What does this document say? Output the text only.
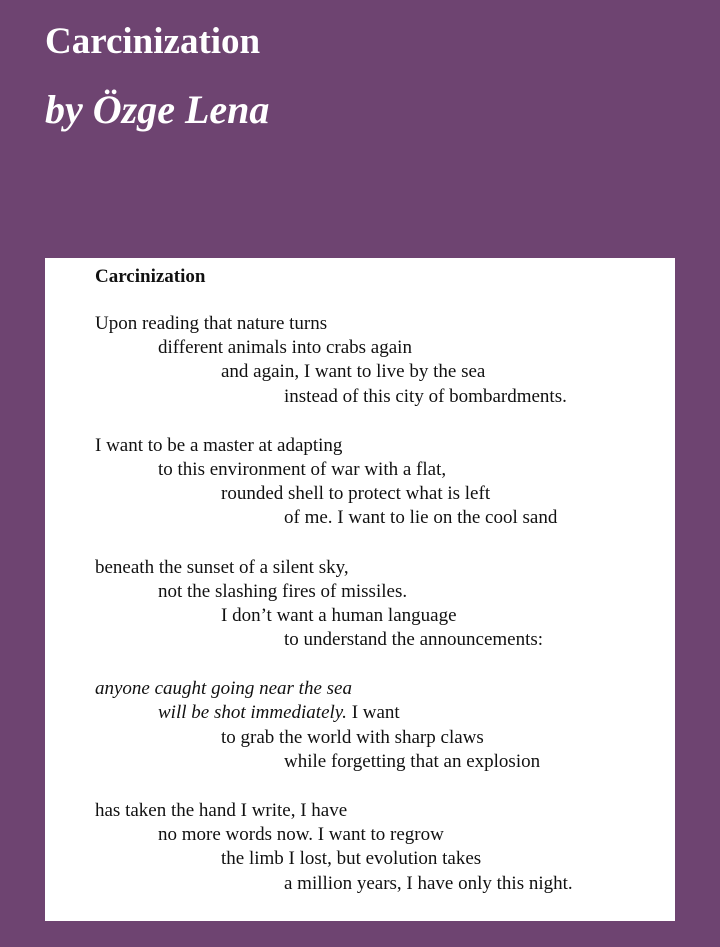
Carcinization
by Özge Lena
Carcinization
Upon reading that nature turns
different animals into crabs again
and again, I want to live by the sea
instead of this city of bombardments.
I want to be a master at adapting
to this environment of war with a flat,
rounded shell to protect what is left
of me. I want to lie on the cool sand
beneath the sunset of a silent sky,
not the slashing fires of missiles.
I don’t want a human language
to understand the announcements:
anyone caught going near the sea
will be shot immediately. I want
to grab the world with sharp claws
while forgetting that an explosion
has taken the hand I write, I have
no more words now. I want to regrow
the limb I lost, but evolution takes
a million years, I have only this night.
